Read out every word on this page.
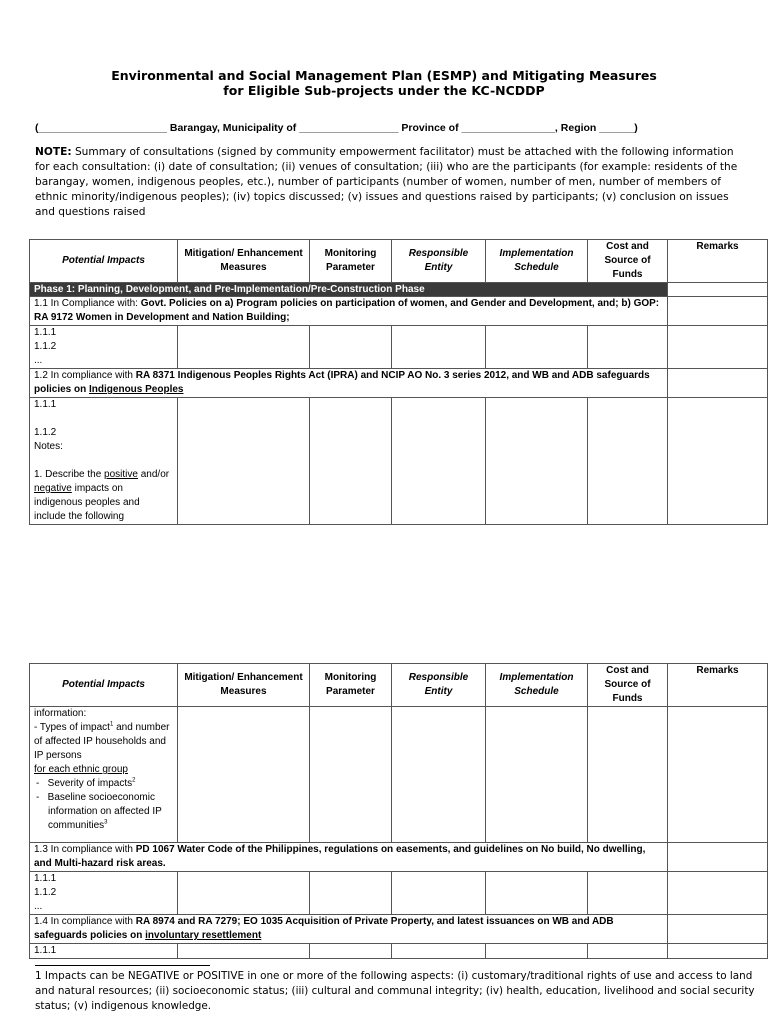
Environmental and Social Management Plan (ESMP) and Mitigating Measures
for Eligible Sub-projects under the KC-NCDDP
(______________________ Barangay, Municipality of _________________ Province of ________________, Region ______)
NOTE: Summary of consultations (signed by community empowerment facilitator) must be attached with the following information for each consultation: (i) date of consultation; (ii) venues of consultation; (iii) who are the participants (for example: residents of the barangay, women, indigenous peoples, etc.), number of participants (number of women, number of men, number of members of ethnic minority/indigenous peoples); (iv) topics discussed; (v) issues and questions raised by participants; (v) conclusion on issues and questions raised
Potential Impacts	Mitigation/ Enhancement Measures	Monitoring Parameter	Responsible Entity	Implementation Schedule	Cost and Source of Funds	Remarks
Phase 1: Planning, Development, and Pre-Implementation/Pre-Construction Phase						
1.1 In Compliance with: Govt. Policies on a) Program policies on participation of women, and Gender and Development, and; b) GOP: RA 9172 Women in Development and Nation Building;						

1.1.1
1.1.2
...						

1.2 In compliance with RA 8371 Indigenous Peoples Rights Act (IPRA) and NCIP AO No. 3 series 2012, and WB and ADB safeguards policies on Indigenous Peoples						

1.1.1

1.1.2
Notes:

1. Describe the positive and/or negative impacts on indigenous peoples and include the following						

Potential Impacts	Mitigation/ Enhancement Measures	Monitoring Parameter	Responsible Entity	Implementation Schedule	Cost and Source of Funds	Remarks

information:
- Types of impact$^1$ and number of affected IP households and IP persons
for each ethnic group
-   Severity of impacts$^2$
-   Baseline socioeconomic information on affected IP communities$^3$

1.3 In compliance with PD 1067 Water Code of the Philippines, regulations on easements, and guidelines on No build, No dwelling, and Multi-hazard risk areas.						

1.1.1
1.1.2
...						

1.4 In compliance with RA 8974 and RA 7279; EO 1035 Acquisition of Private Property, and latest issuances on WB and ADB safeguards policies on involuntary resettlement						
1.1.1						
1 Impacts can be NEGATIVE or POSITIVE in one or more of the following aspects: (i) customary/traditional rights of use and access to land and natural resources; (ii) socioeconomic status; (iii) cultural and communal integrity; (iv) health, education, livelihood and social security status; (v) indigenous knowledge.
